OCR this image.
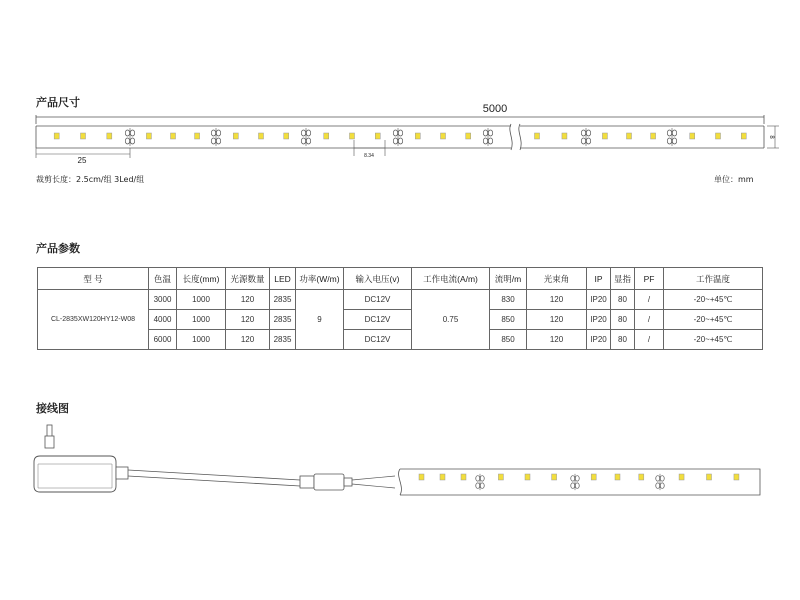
产品尺寸
产品参数
接线图
5000
8
25	8.34
裁剪长度：2.5cm/组 3Led/组	单位：mm
型 号	色温	长度(mm)	光源数量	LED	功率(W/m)	输入电压(v)	工作电流(A/m)	流明/m	光束角	IP	显指	PF	工作温度
CL-2835XW120HY12-W08	3000	1000	120	2835	9	DC12V	0.75	830	120	IP20	80	/	-20~+45℃
	4000	1000	120	2835		DC12V		850	120	IP20	80	/	-20~+45℃
	6000	1000	120	2835		DC12V		850	120	IP20	80	/	-20~+45℃
